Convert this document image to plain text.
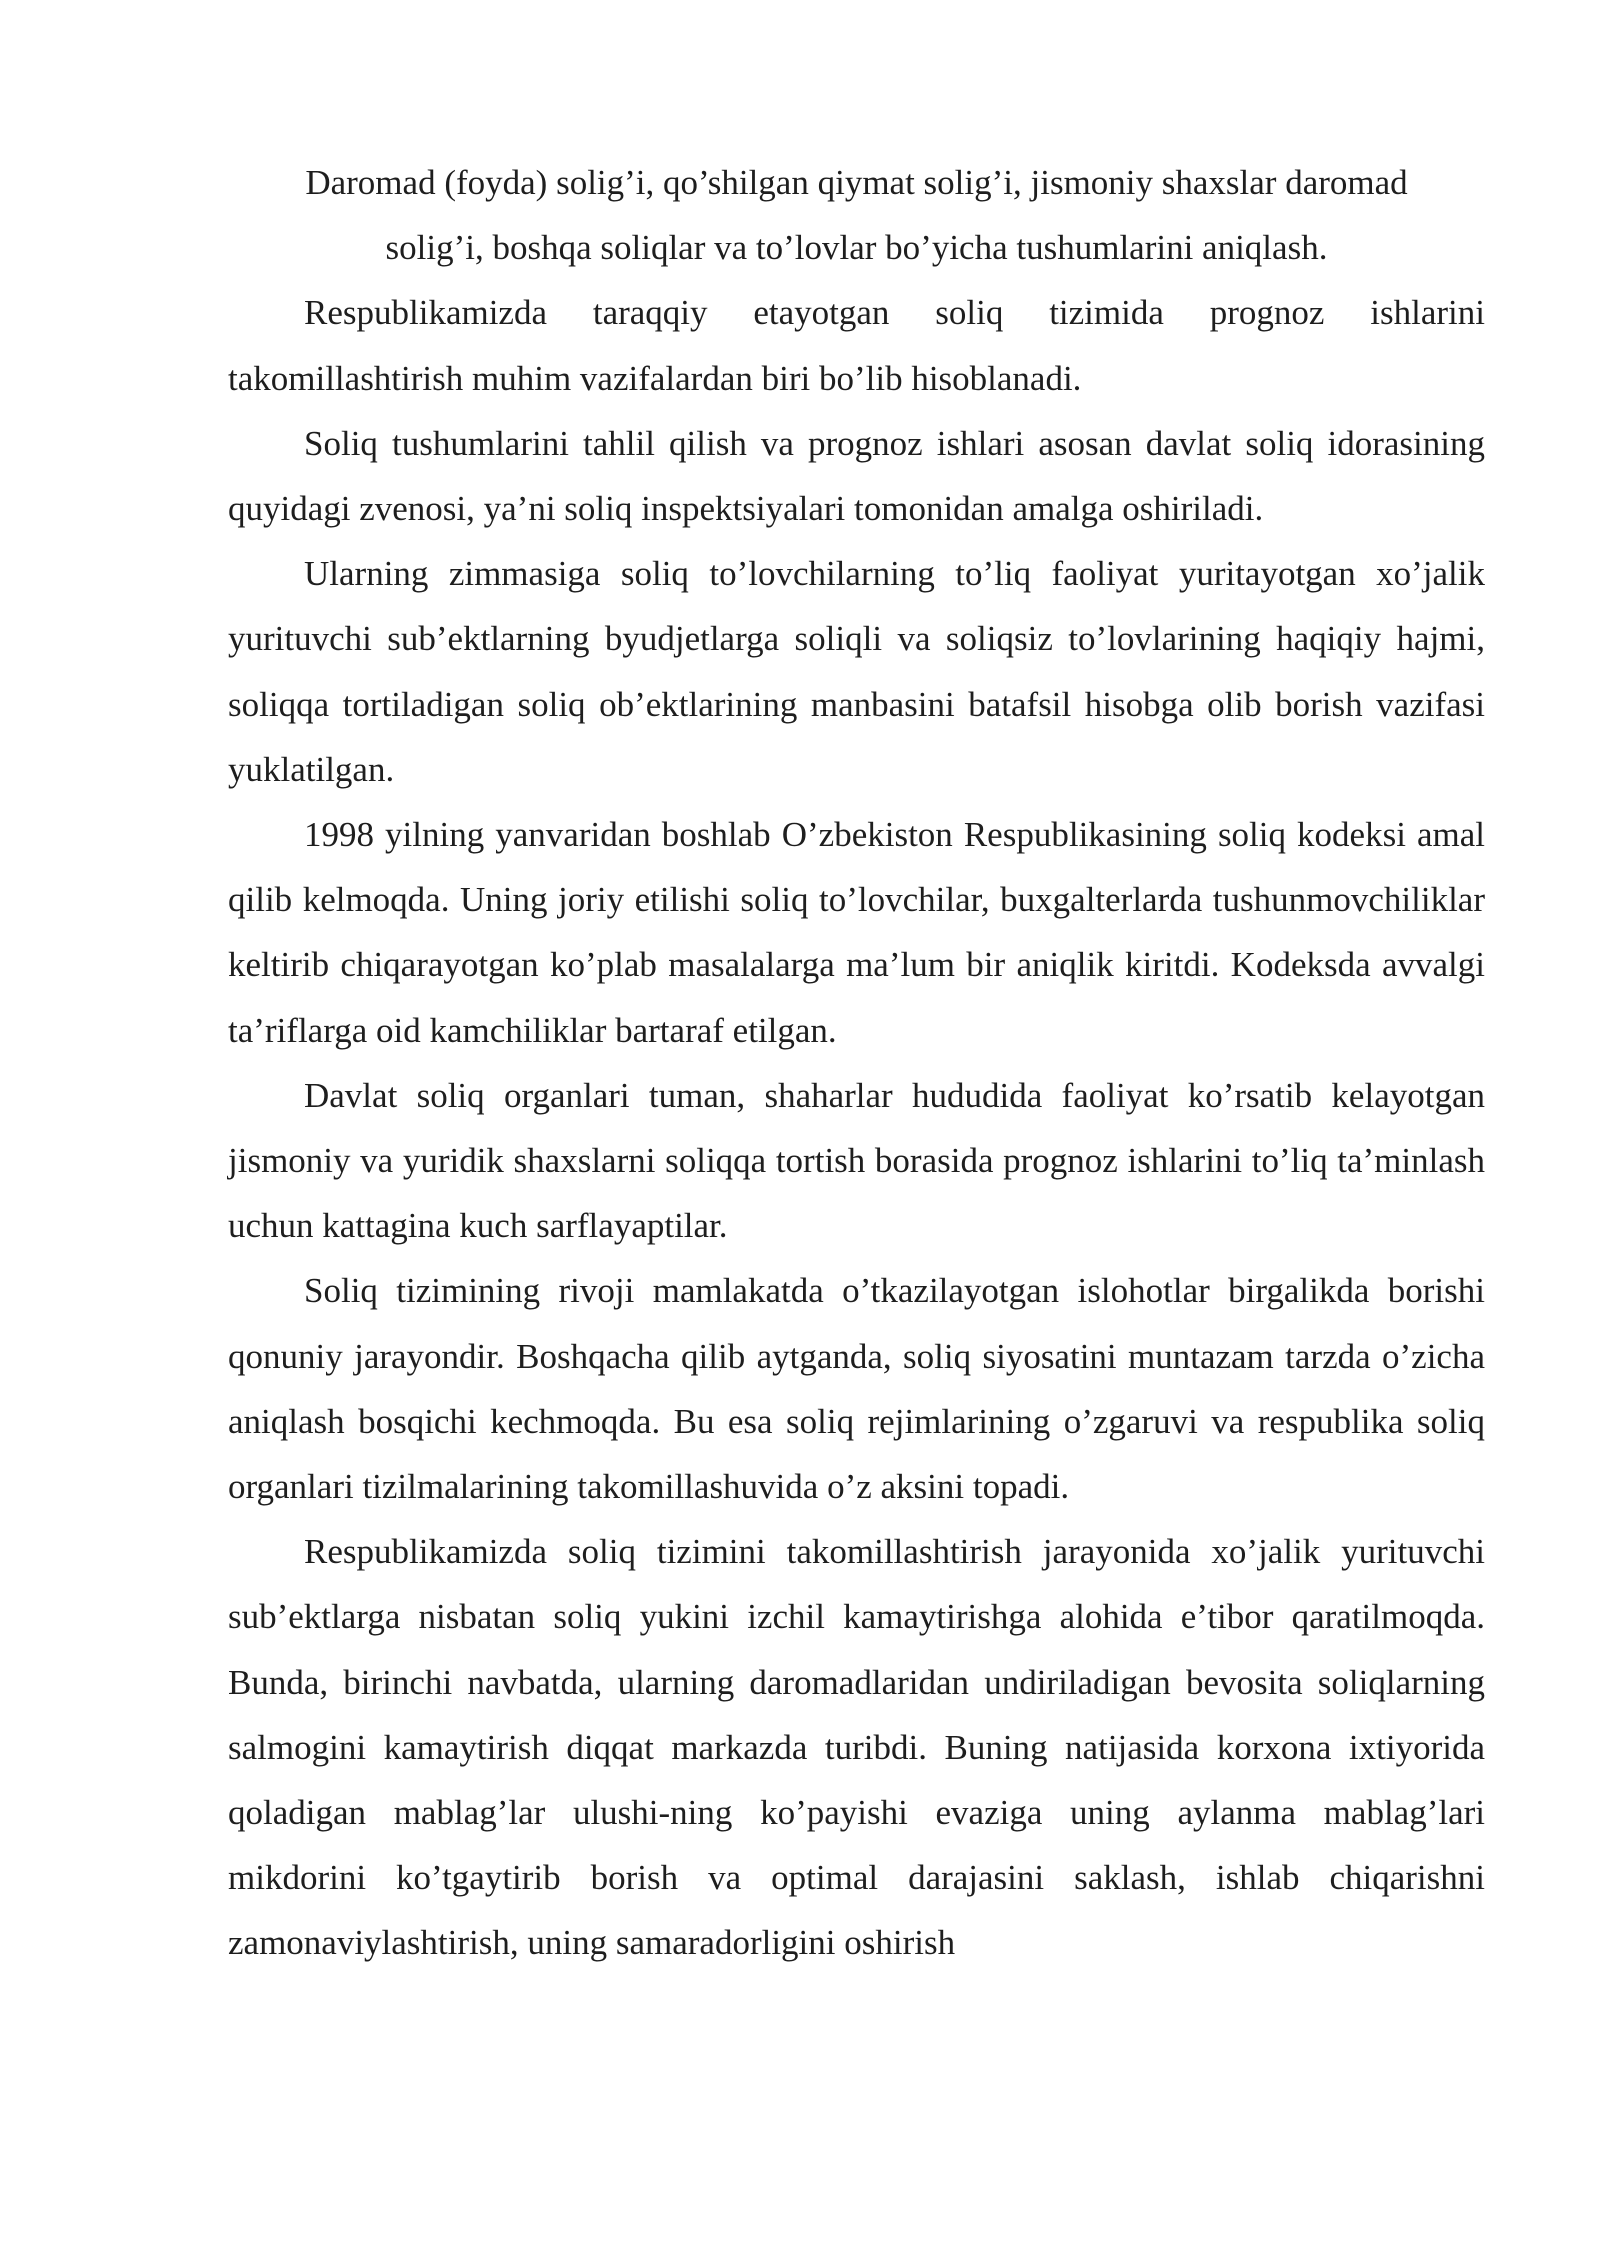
Daromad (foyda) solig’i, qo’shilgan qiymat solig’i, jismoniy shaxslar daromad solig’i, boshqa soliqlar va to’lovlar bo’yicha tushumlarini aniqlash.

Respublikamizda taraqqiy etayotgan soliq tizimida prognoz ishlarini takomillashtirish muhim vazifalardan biri bo’lib hisoblanadi.

Soliq tushumlarini tahlil qilish va prognoz ishlari asosan davlat soliq idorasining quyidagi zvenosi, ya’ni soliq inspektsiyalari tomonidan amalga oshiriladi.

Ularning zimmasiga soliq to’lovchilarning to’liq faoliyat yuritayotgan xo’jalik yurituvchi sub’ektlarning byudjetlarga soliqli va soliqsiz to’lovlarining haqiqiy hajmi, soliqqa tortiladigan soliq ob’ektlarining manbasini batafsil hisobga olib borish vazifasi yuklatilgan.

1998 yilning yanvaridan boshlab O’zbekiston Respublikasining soliq kodeksi amal qilib kelmoqda. Uning joriy etilishi soliq to’lovchilar, buxgalterlarda tushunmovchiliklar keltirib chiqarayotgan ko’plab masalalarga ma’lum bir aniqlik kiritdi. Kodeksda avvalgi ta’riflarga oid kamchiliklar bartaraf etilgan.

Davlat soliq organlari tuman, shaharlar hududida faoliyat ko’rsatib kelayotgan jismoniy va yuridik shaxslarni soliqqa tortish borasida prognoz ishlarini to’liq ta’minlash uchun kattagina kuch sarflayaptilar.

Soliq tizimining rivoji mamlakatda o’tkazilayotgan islohotlar birgalikda borishi qonuniy jarayondir. Boshqacha qilib aytganda, soliq siyosatini muntazam tarzda o’zicha aniqlash bosqichi kechmoqda. Bu esa soliq rejimlarining o’zgaruvi va respublika soliq organlari tizilmalarining takomillashuvida o’z aksini topadi.

Respublikamizda soliq tizimini takomillashtirish jarayonida xo’jalik yurituvchi sub’ektlarga nisbatan soliq yukini izchil kamaytirishga alohida e’tibor qaratilmoqda. Bunda, birinchi navbatda, ularning daromadlaridan undiriladigan bevosita soliqlarning salmogini kamaytirish diqqat markazda turibdi. Buning natijasida korxona ixtiyorida qoladigan mablag’lar ulushi-ning ko’payishi evaziga uning aylanma mablag’lari mikdorini ko’tgaytirib borish va optimal darajasini saklash, ishlab chiqarishni zamonaviylashtirish, uning samaradorligini oshirish
